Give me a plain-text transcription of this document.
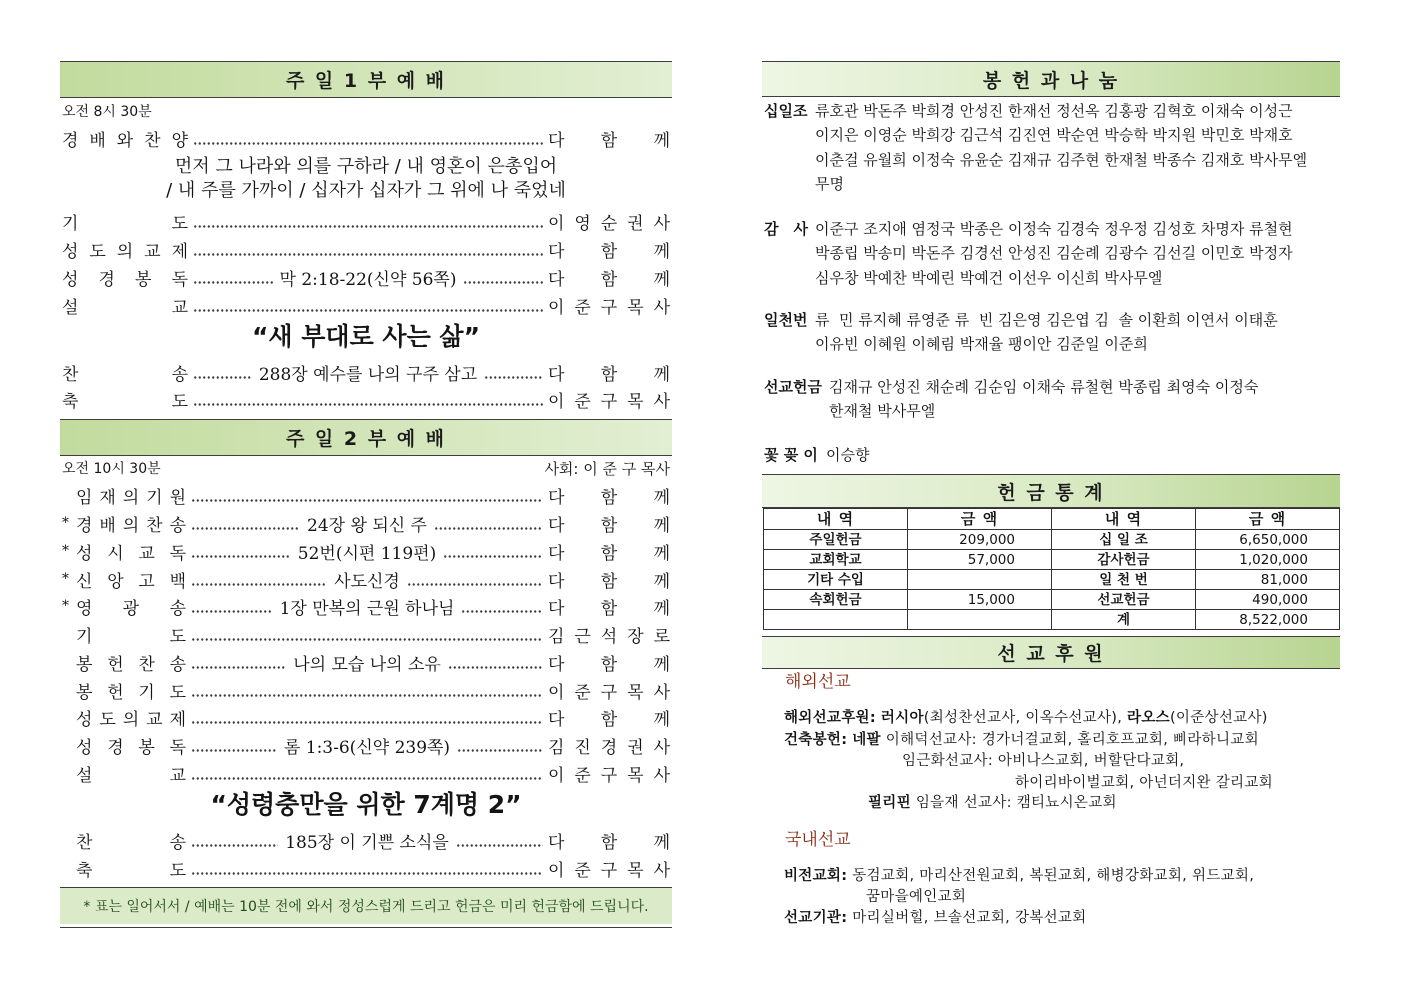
주 일 1 부 예 배
오전 8시 30분
경 배 와 찬 양	다 함 께
먼저 그 나라와 의를 구하라 / 내 영혼이 은총입어
/ 내 주를 가까이 / 십자가 십자가 그 위에 나 죽었네
기 도	이 영 순 권 사
성 도 의 교 제	다 함 께
성 경 봉 독	막 2:18-22(신약 56쪽)	다 함 께
설 교	이 준 구 목 사
“새 부대로 사는 삶”
찬 송	288장 예수를 나의 구주 삼고	다 함 께
축 도	이 준 구 목 사
주 일 2 부 예 배
오전 10시 30분	사회: 이 준 구 목사
임 재 의 기 원	다 함 께
* 경 배 의 찬 송	24장 왕 되신 주	다 함 께
* 성 시 교 독	52번(시편 119편)	다 함 께
* 신 앙 고 백	사도신경	다 함 께
* 영 광 송	1장 만복의 근원 하나님	다 함 께
기 도	김 근 석 장 로
봉 헌 찬 송	나의 모습 나의 소유	다 함 께
봉 헌 기 도	이 준 구 목 사
성 도 의 교 제	다 함 께
성 경 봉 독	롬 1:3-6(신약 239쪽)	김 진 경 권 사
설 교	이 준 구 목 사
“성령충만을 위한 7계명 2”
찬 송	185장 이 기쁜 소식을	다 함 께
축 도	이 준 구 목 사
* 표는 일어서서 / 예배는 10분 전에 와서 정성스럽게 드리고 헌금은 미리 헌금함에 드립니다.
봉 헌 과 나 눔
십일조 류호관 박돈주 박희경 안성진 한재선 정선옥 김홍광 김혁호 이채숙 이성근
이지은 이영순 박희강 김근석 김진연 박순연 박승학 박지원 박민호 박재호
이춘걸 유월희 이정숙 유윤순 김재규 김주현 한재철 박종수 김재호 박사무엘
무명
감 사 이준구 조지애 염정국 박종은 이정숙 김경숙 정우정 김성호 차명자 류철현
박종립 박송미 박돈주 김경선 안성진 김순례 김광수 김선길 이민호 박정자
심우창 박예찬 박예린 박예건 이선우 이신희 박사무엘
일천번 류  민 류지혜 류영준 류  빈 김은영 김은엽 김  솔 이환희 이연서 이태훈
이유빈 이혜원 이혜림 박재율 팽이안 김준일 이준희
선교헌금 김재규 안성진 채순례 김순임 이채숙 류철현 박종립 최영숙 이정숙
한재철 박사무엘
꽃 꽂 이 이승향
헌 금 통 계
내 역	금 액	내 역	금 액
주일헌금	209,000	십 일 조	6,650,000
교회학교	57,000	감사헌금	1,020,000
기타 수입		일 천 번	81,000
속회헌금	15,000	선교헌금	490,000
		계	8,522,000
선 교 후 원
해외선교
해외선교후원: 러시아(최성찬선교사, 이옥수선교사), 라오스(이준상선교사)
건축봉헌: 네팔 이해덕선교사: 경가너걸교회, 홀리호프교회, 삐라하니교회
임근화선교사: 아비나스교회, 버할단다교회,
하이리바이벌교회, 아넌더지완 갈리교회
필리핀 임을재 선교사: 캠티뇨시온교회
국내선교
비전교회: 동검교회, 마리산전원교회, 복된교회, 해병강화교회, 위드교회,
꿈마을예인교회
선교기관: 마리실버힐, 브솔선교회, 강복선교회
